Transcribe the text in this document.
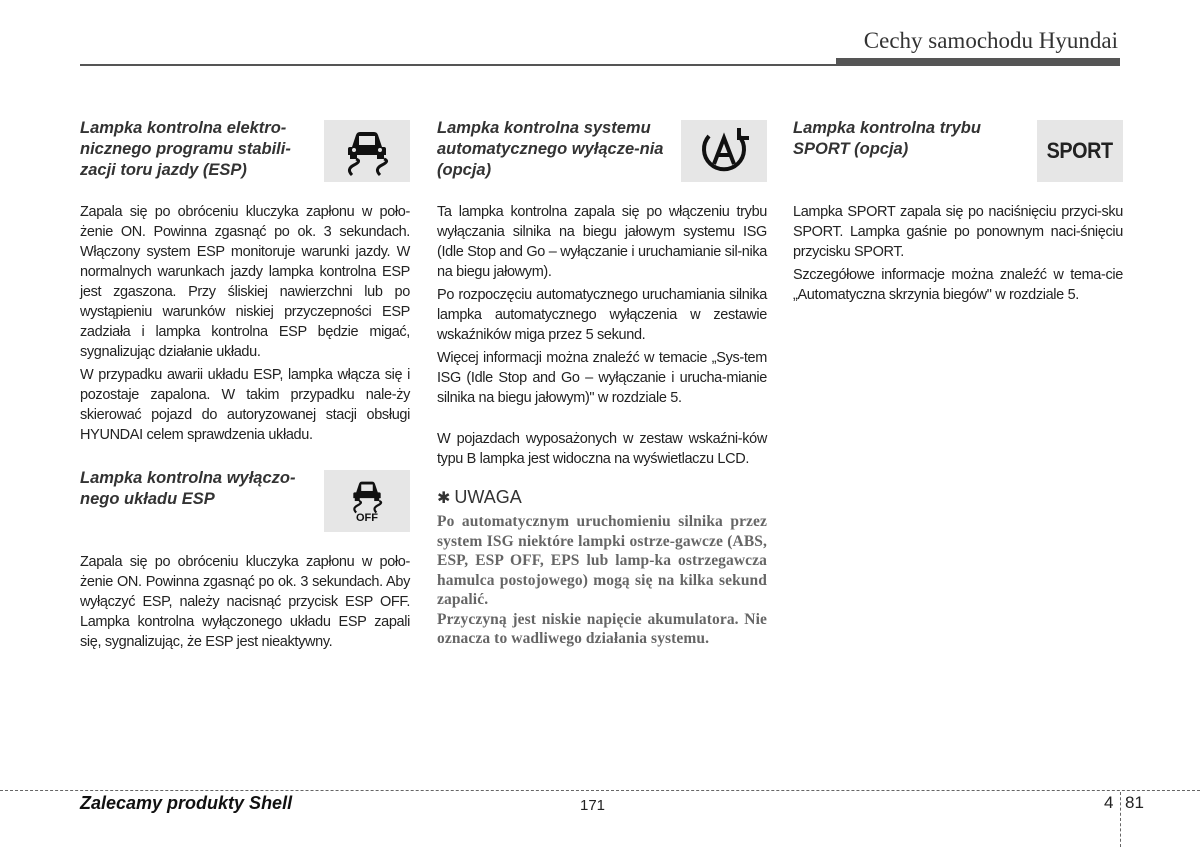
Cechy samochodu Hyundai
Lampka kontrolna elektro-nicznego programu stabili-zacji toru jazdy (ESP)

Zapala się po obróceniu kluczyka zapłonu w poło-żenie ON. Powinna zgasnąć po ok. 3 sekundach. Włączony system ESP monitoruje warunki jazdy. W normalnych warunkach jazdy lampka kontrolna ESP jest zgaszona. Przy śliskiej nawierzchni lub po wystąpieniu warunków niskiej przyczepności ESP zadziała i lampka kontrolna ESP będzie migać, sygnalizując działanie układu.

W przypadku awarii układu ESP, lampka włącza się i pozostaje zapalona. W takim przypadku nale-ży skierować pojazd do autoryzowanej stacji obsługi HYUNDAI celem sprawdzenia układu.

Lampka kontrolna wyłączo-nego układu ESP
OFF

Zapala się po obróceniu kluczyka zapłonu w poło-żenie ON. Powinna zgasnąć po ok. 3 sekundach. Aby wyłączyć ESP, należy nacisnąć przycisk ESP OFF. Lampka kontrolna wyłączonego układu ESP zapali się, sygnalizując, że ESP jest nieaktywny.

Lampka kontrolna systemu automatycznego wyłącze-nia (opcja)

Ta lampka kontrolna zapala się po włączeniu trybu wyłączania silnika na biegu jałowym systemu ISG (Idle Stop and Go – wyłączanie i uruchamianie sil-nika na biegu jałowym).

Po rozpoczęciu automatycznego uruchamiania silnika lampka automatycznego wyłączenia w zestawie wskaźników miga przez 5 sekund.

Więcej informacji można znaleźć w temacie „Sys-tem ISG (Idle Stop and Go – wyłączanie i urucha-mianie silnika na biegu jałowym)" w rozdziale 5.

W pojazdach wyposażonych w zestaw wskaźni-ków typu B lampka jest widoczna na wyświetlaczu LCD.

✱ UWAGA

Po automatycznym uruchomieniu silnika przez system ISG niektóre lampki ostrze-gawcze (ABS, ESP, ESP OFF, EPS lub lamp-ka ostrzegawcza hamulca postojowego) mogą się na kilka sekund zapalić.

Przyczyną jest niskie napięcie akumulatora. Nie oznacza to wadliwego działania systemu.

Lampka kontrolna trybu SPORT (opcja)	SPORT

Lampka SPORT zapala się po naciśnięciu przyci-sku SPORT. Lampka gaśnie po ponownym naci-śnięciu przycisku SPORT.

Szczegółowe informacje można znaleźć w tema-cie „Automatyczna skrzynia biegów" w rozdziale 5.

Zalecamy produkty Shell	171	4 81
